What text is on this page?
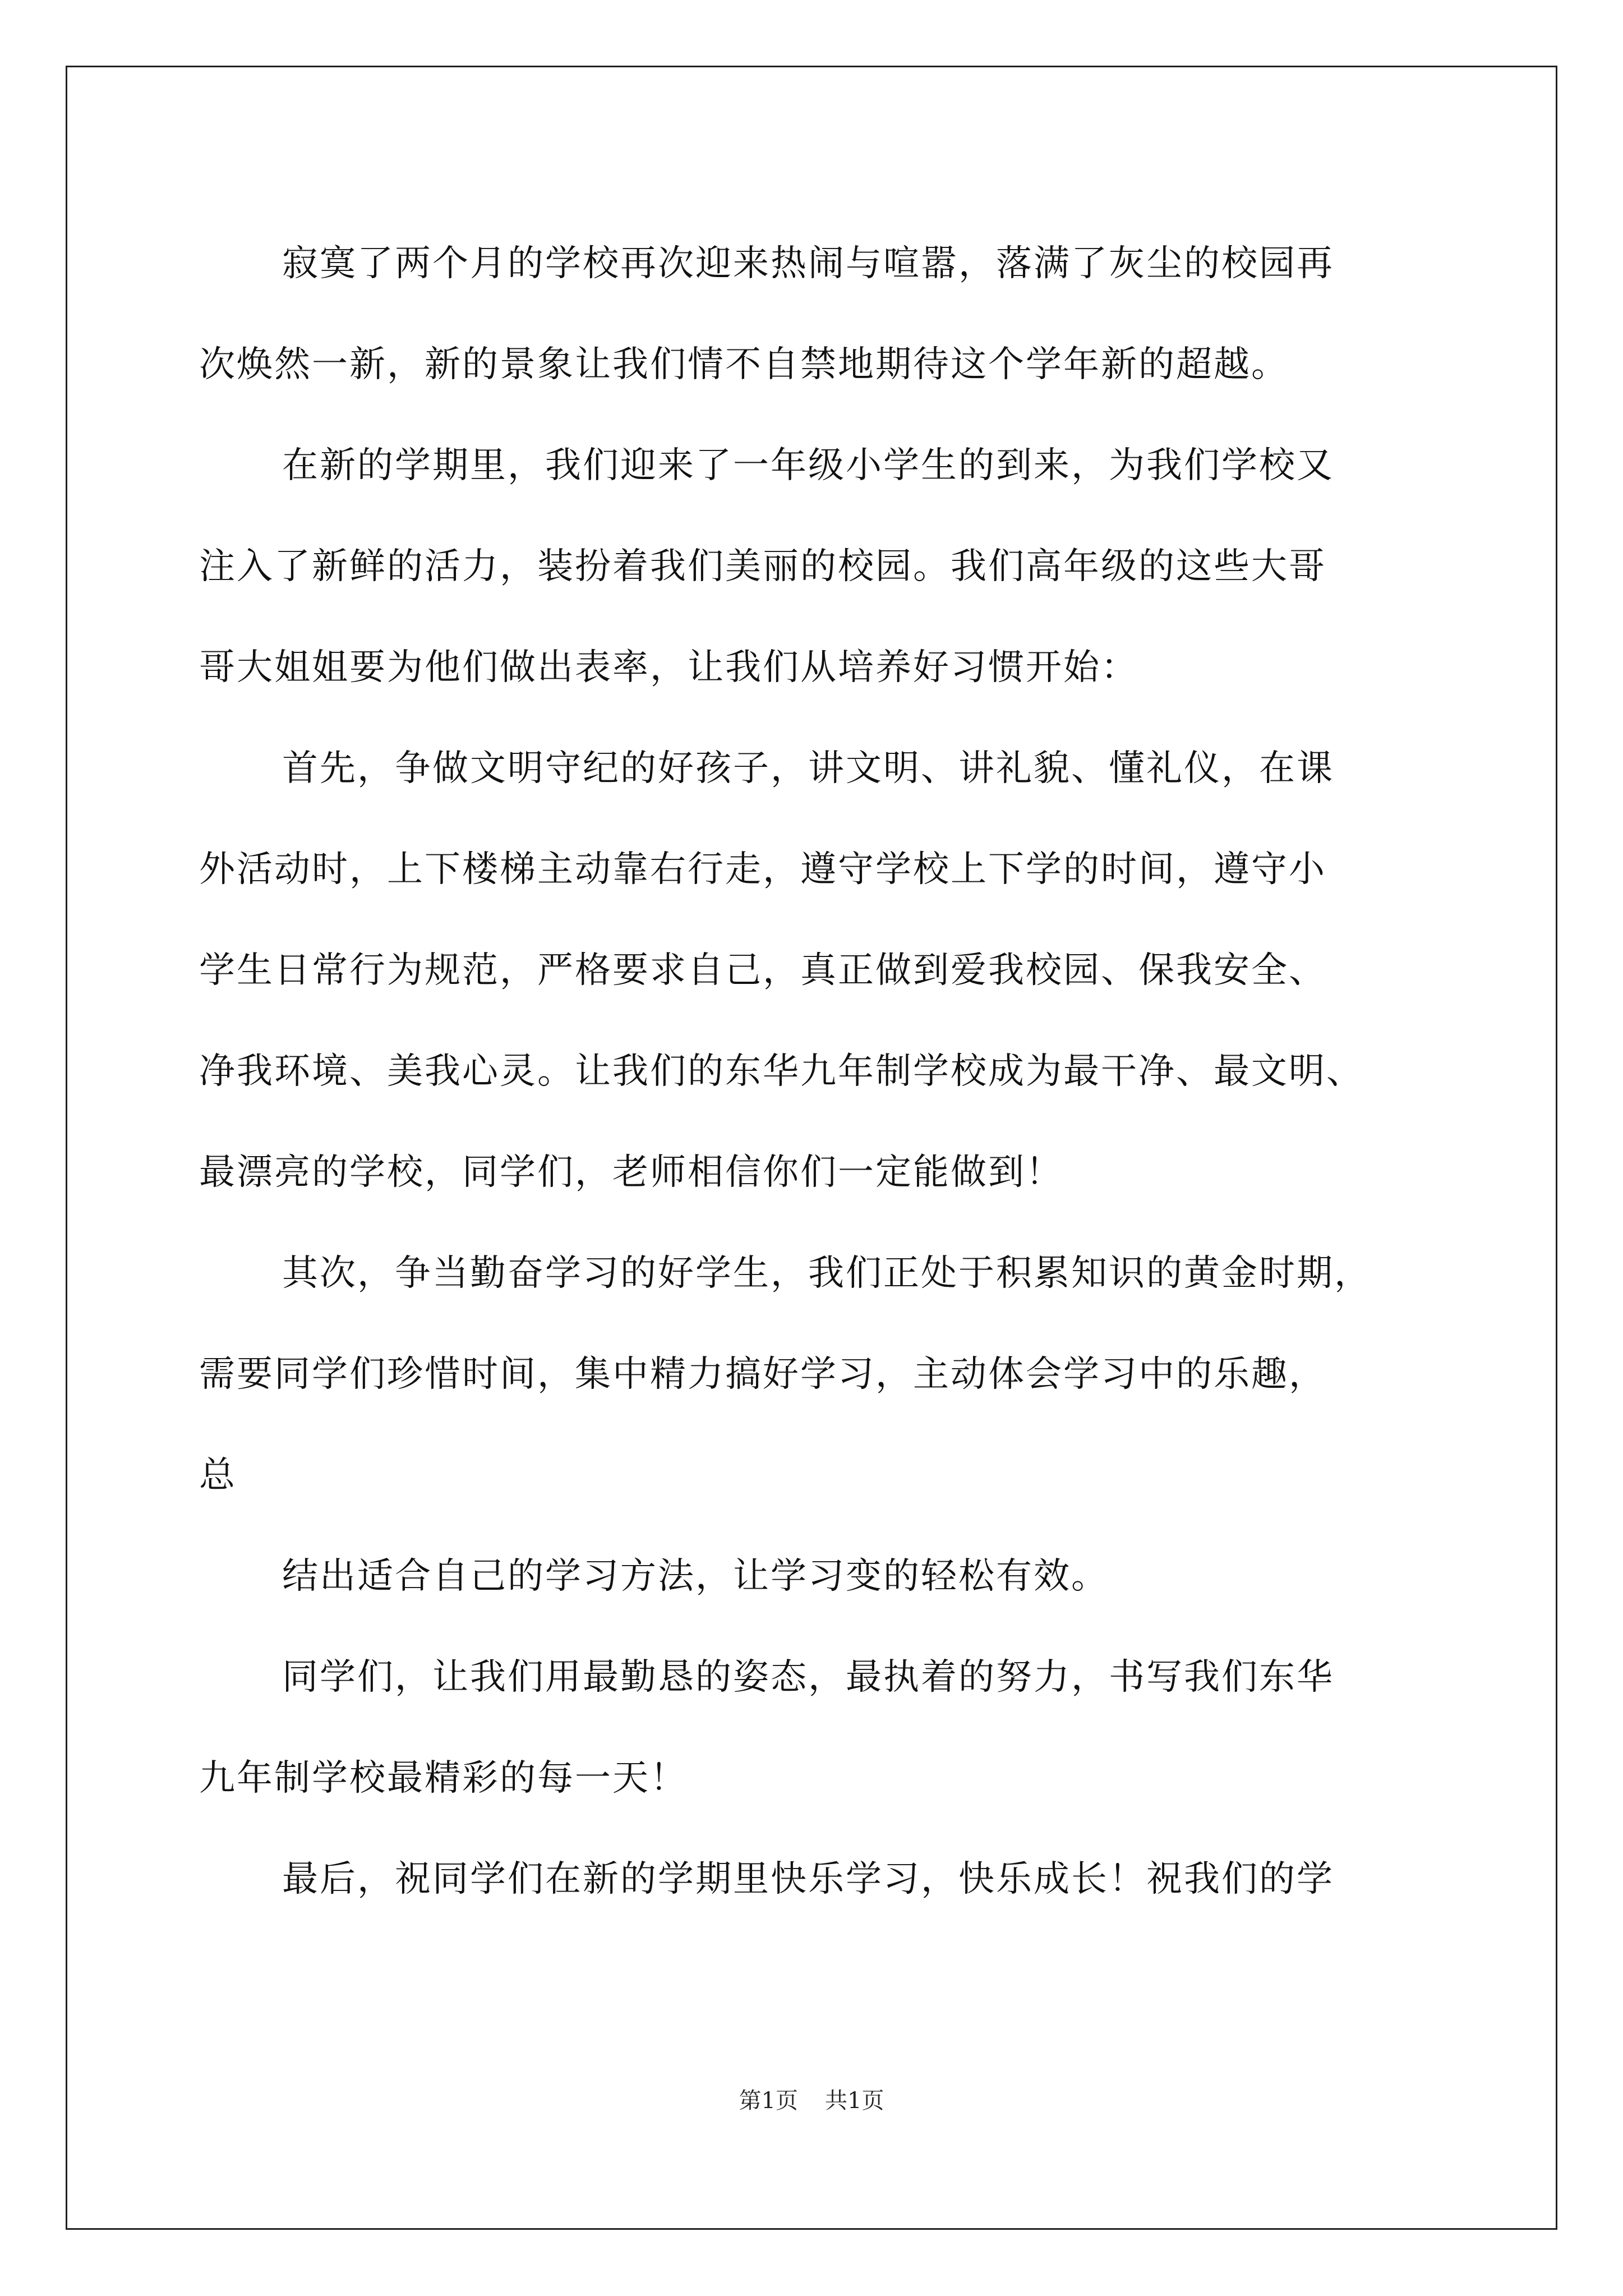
寂寞了两个月的学校再次迎来热闹与喧嚣，落满了灰尘的校园再
次焕然一新，新的景象让我们情不自禁地期待这个学年新的超越。
在新的学期里，我们迎来了一年级小学生的到来，为我们学校又
注入了新鲜的活力，装扮着我们美丽的校园。我们高年级的这些大哥
哥大姐姐要为他们做出表率，让我们从培养好习惯开始：
首先，争做文明守纪的好孩子，讲文明、讲礼貌、懂礼仪，在课
外活动时，上下楼梯主动靠右行走，遵守学校上下学的时间，遵守小
学生日常行为规范，严格要求自己，真正做到爱我校园、保我安全、
净我环境、美我心灵。让我们的东华九年制学校成为最干净、最文明、
最漂亮的学校，同学们，老师相信你们一定能做到！
其次，争当勤奋学习的好学生，我们正处于积累知识的黄金时期，
需要同学们珍惜时间，集中精力搞好学习，主动体会学习中的乐趣，
总
结出适合自己的学习方法，让学习变的轻松有效。
同学们，让我们用最勤恳的姿态，最执着的努力，书写我们东华
九年制学校最精彩的每一天！
最后，祝同学们在新的学期里快乐学习，快乐成长！祝我们的学
第1页 共1页
